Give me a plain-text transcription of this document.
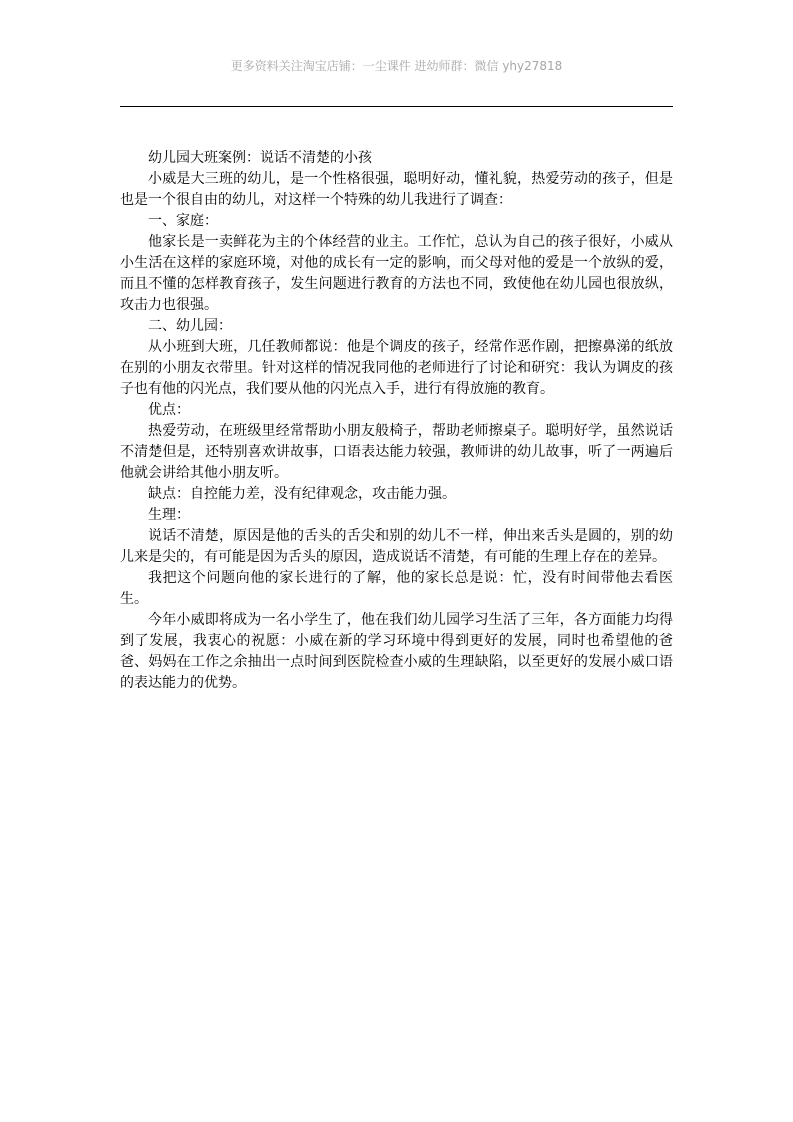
更多资料关注淘宝店铺：一尘课件 进幼师群：微信 yhy27818

幼儿园大班案例：说话不清楚的小孩

小威是大三班的幼儿，是一个性格很强，聪明好动，懂礼貌，热爱劳动的孩子，但是也是一个很自由的幼儿，对这样一个特殊的幼儿我进行了调查：

一、家庭：

他家长是一卖鲜花为主的个体经营的业主。工作忙，总认为自己的孩子很好，小威从小生活在这样的家庭环境，对他的成长有一定的影响，而父母对他的爱是一个放纵的爱，而且不懂的怎样教育孩子，发生问题进行教育的方法也不同，致使他在幼儿园也很放纵，攻击力也很强。

二、幼儿园：

从小班到大班，几任教师都说：他是个调皮的孩子，经常作恶作剧，把擦鼻涕的纸放在别的小朋友衣带里。针对这样的情况我同他的老师进行了讨论和研究：我认为调皮的孩子也有他的闪光点，我们要从他的闪光点入手，进行有得放施的教育。

优点：

热爱劳动，在班级里经常帮助小朋友般椅子，帮助老师擦桌子。聪明好学，虽然说话不清楚但是，还特别喜欢讲故事，口语表达能力较强，教师讲的幼儿故事，听了一两遍后他就会讲给其他小朋友听。

缺点：自控能力差，没有纪律观念，攻击能力强。

生理：

说话不清楚，原因是他的舌头的舌尖和别的幼儿不一样，伸出来舌头是圆的，别的幼儿来是尖的，有可能是因为舌头的原因，造成说话不清楚，有可能的生理上存在的差异。

我把这个问题向他的家长进行的了解，他的家长总是说：忙，没有时间带他去看医生。

今年小威即将成为一名小学生了，他在我们幼儿园学习生活了三年，各方面能力均得到了发展，我衷心的祝愿：小威在新的学习环境中得到更好的发展，同时也希望他的爸爸、妈妈在工作之余抽出一点时间到医院检查小威的生理缺陷，以至更好的发展小威口语的表达能力的优势。
